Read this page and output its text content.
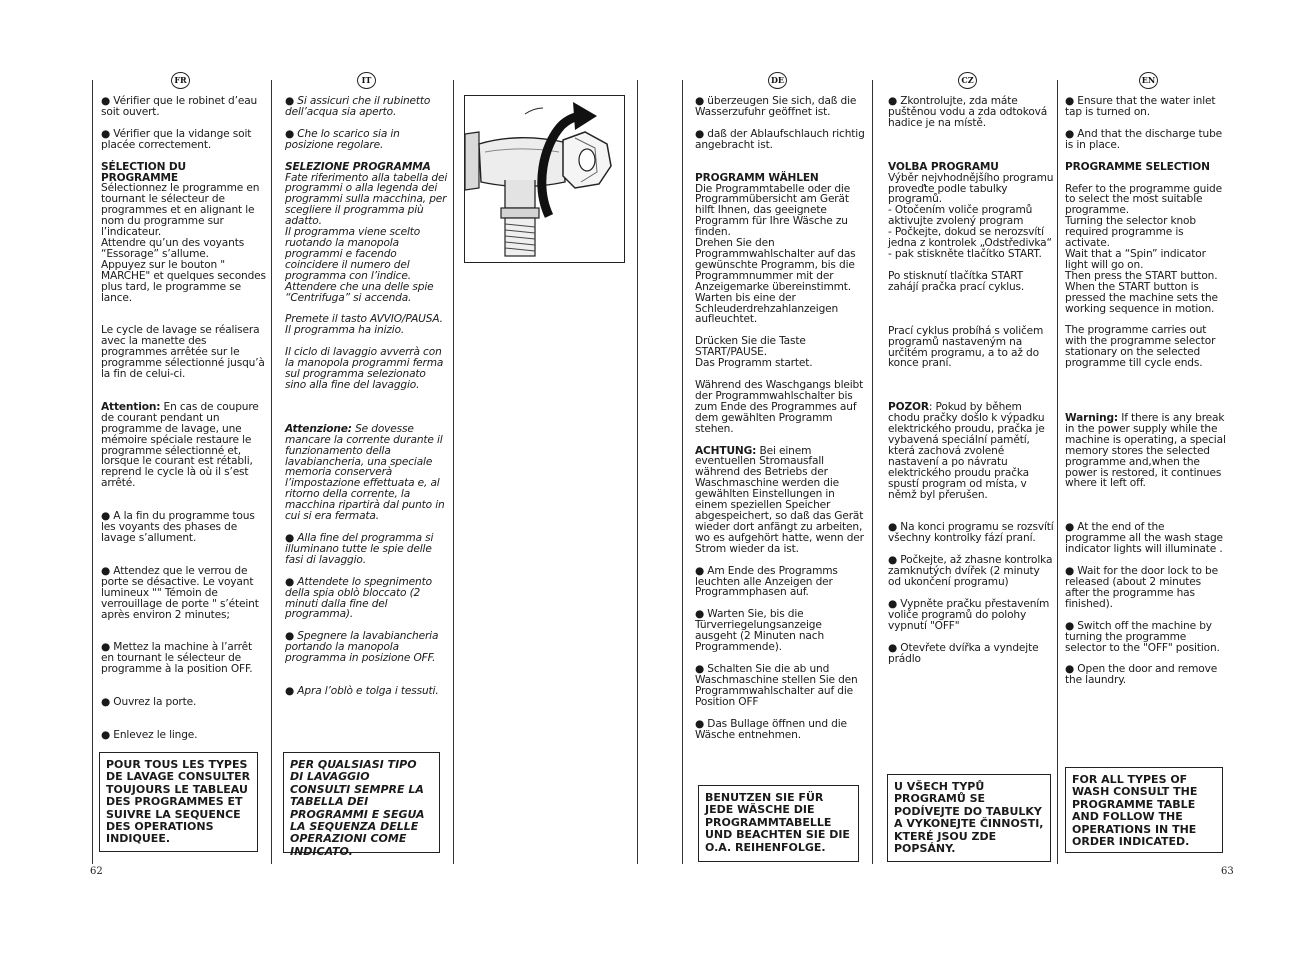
FR	IT

● Vérifier que le robinet d’eau soit ouvert.

● Vérifier que la vidange soit placée correctement.

SÉLECTION DU PROGRAMME

Sélectionnez le programme en tournant le sélecteur de programmes et en alignant le nom du programme sur l’indicateur.
Attendre qu’un des voyants “Essorage” s’allume.
Appuyez sur le bouton " MARCHE" et quelques secondes plus tard, le programme se lance.

Le cycle de lavage se réalisera avec la manette des programmes arrêtée sur le programme sélectionné jusqu’à la fin de celui-ci.

Attention: En cas de coupure de courant pendant un programme de lavage, une mémoire spéciale restaure le programme sélectionné et, lorsque le courant est rétabli, reprend le cycle là où il s’est arrêté.

● A la fin du programme tous les voyants des phases de lavage s’allument.

● Attendez que le verrou de porte se désactive. Le voyant lumineux "" Témoin de verrouillage de porte " s’éteint après environ 2 minutes;

● Mettez la machine à l’arrêt en tournant le sélecteur de programme à la position OFF.

● Ouvrez la porte.

● Enlevez le linge.

POUR TOUS LES TYPES DE LAVAGE CONSULTER TOUJOURS LE TABLEAU DES PROGRAMMES ET SUIVRE LA SEQUENCE DES OPERATIONS INDIQUEE.

● Si assicuri che il rubinetto dell’acqua sia aperto.

● Che lo scarico sia in posizione regolare.

SELEZIONE PROGRAMMA

Fate riferimento alla tabella dei programmi o alla legenda dei programmi sulla macchina, per scegliere il programma più adatto.
Il programma viene scelto ruotando la manopola programmi e facendo coincidere il numero del programma con l’indice. Attendere che una delle spie “Centrifuga” si accenda.

Premete il tasto AVVIO/PAUSA.
Il programma ha inizio.

Il ciclo di lavaggio avverrà con la manopola programmi ferma sul programma selezionato sino alla fine del lavaggio.

Attenzione: Se dovesse mancare la corrente durante il funzionamento della lavabiancheria, una speciale memoria conserverà l’impostazione effettuata e, al ritorno della corrente, la macchina ripartirà dal punto in cui si era fermata.

● Alla fine del programma si illuminano tutte le spie delle fasi di lavaggio.

● Attendete lo spegnimento della spia oblò bloccato (2 minuti dalla fine del programma).

● Spegnere la lavabiancheria portando la manopola programma in posizione OFF.

● Apra l’oblò e tolga i tessuti.

PER QUALSIASI TIPO DI LAVAGGIO CONSULTI SEMPRE LA TABELLA DEI PROGRAMMI E SEGUA LA SEQUENZA DELLE OPERAZIONI COME INDICATO.
62
DE	CZ	EN

● überzeugen Sie sich, daß die Wasserzufuhr geöffnet ist.

● daß der Ablaufschlauch richtig angebracht ist.

PROGRAMM WÄHLEN

Die Programmtabelle oder die Programmübersicht am Gerät hilft Ihnen, das geeignete Programm für Ihre Wäsche zu finden.
Drehen Sie den Programmwahlschalter auf das gewünschte Programm, bis die Programmnummer mit der Anzeigemarke übereinstimmt.
Warten bis eine der Schleuderdrehzahlanzeigen aufleuchtet.

Drücken Sie die Taste START/PAUSE.
Das Programm startet.

Während des Waschgangs bleibt der Programmwahlschalter bis zum Ende des Programmes auf dem gewählten Programm stehen.

ACHTUNG: Bei einem eventuellen Stromausfall während des Betriebs der Waschmaschine werden die gewählten Einstellungen in einem speziellen Speicher abgespeichert, so daß das Gerät wieder dort anfängt zu arbeiten, wo es aufgehört hatte, wenn der Strom wieder da ist.

● Am Ende des Programms leuchten alle Anzeigen der Programmphasen auf.

● Warten Sie, bis die Türverriegelungsanzeige ausgeht (2 Minuten nach Programmende).

● Schalten Sie die ab und Waschmaschine stellen Sie den Programmwahlschalter auf die Position OFF

● Das Bullage öffnen und die Wäsche entnehmen.

BENUTZEN SIE FÜR JEDE WÄSCHE DIE PROGRAMMTABELLE UND BEACHTEN SIE DIE O.A. REIHENFOLGE.

● Zkontrolujte, zda máte puštěnou vodu a zda odtoková hadice je na místě.

VOLBA PROGRAMU

Výběr nejvhodnějšího programu proveďte podle tabulky programů.
- Otočením voliče programů aktivujte zvolený program
- Počkejte, dokud se nerozsvítí jedna z kontrolek „Odstředivka“
- pak stiskněte tlačítko START.

Po stisknutí tlačítka START zahájí pračka prací cyklus.

Prací cyklus probíhá s voličem programů nastaveným na určitém programu, a to až do konce praní.

POZOR: Pokud by během chodu pračky došlo k výpadku elektrického proudu, pračka je vybavená speciální pamětí, která zachová zvolené nastavení a po návratu elektrického proudu pračka spustí program od místa, v němž byl přerušen.

● Na konci programu se rozsvítí všechny kontrolky fází praní.

● Počkejte, až zhasne kontrolka zamknutých dvířek (2 minuty od ukončení programu)

● Vypněte pračku přestavením voliče programů do polohy vypnutí "OFF"

● Otevřete dvířka a vyndejte prádlo

U VŠECH TYPŮ PROGRAMŮ SE PODÍVEJTE DO TABULKY A VYKONEJTE ČINNOSTI, KTERÉ JSOU ZDE POPSÁNY.

● Ensure that the water inlet tap is turned on.

● And that the discharge tube is in place.

PROGRAMME SELECTION

Refer to the programme guide to select the most suitable programme.
Turning the selector knob required programme is activate.
Wait that a “Spin” indicator light will go on.
Then press the START button. When the START button is pressed the machine sets the working sequence in motion.

The programme carries out with the programme selector stationary on the selected programme till cycle ends.

Warning: If there is any break in the power supply while the machine is operating, a special memory stores the selected programme and,when the power is restored, it continues where it left off.

● At the end of the programme all the wash stage indicator lights will illuminate .

● Wait for the door lock to be released (about 2 minutes after the programme has finished).

● Switch off the machine by turning the programme selector to the "OFF" position.

● Open the door and remove the laundry.

FOR ALL TYPES OF WASH CONSULT THE PROGRAMME TABLE AND FOLLOW THE OPERATIONS IN THE ORDER INDICATED.
63
